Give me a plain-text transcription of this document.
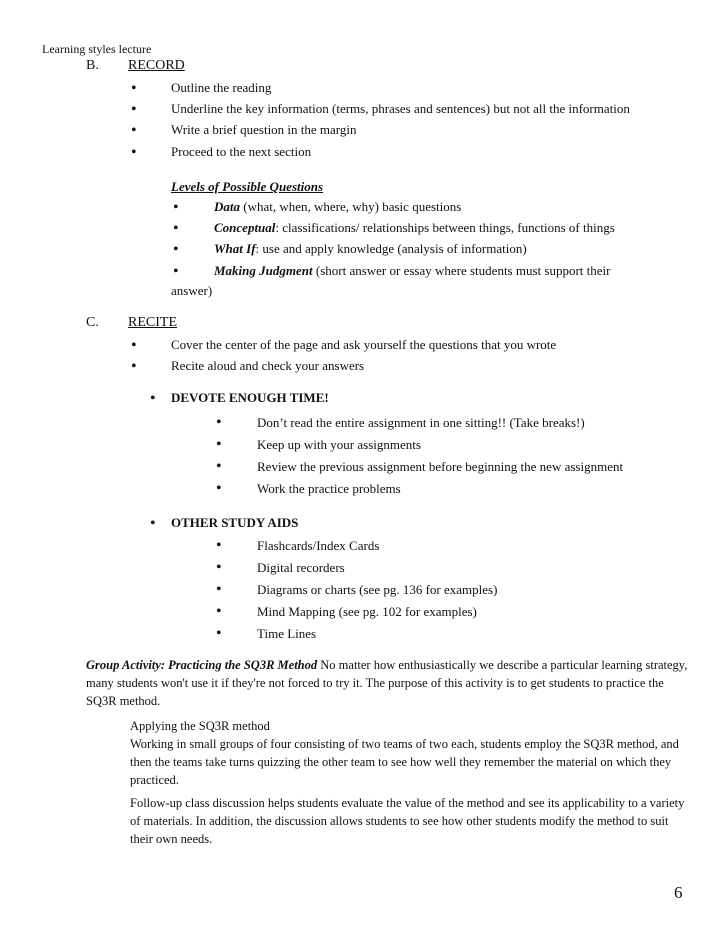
Learning styles lecture
B. RECORD
•	Outline the reading
•	Underline the key information (terms, phrases and sentences) but not all the information
•	Write a brief question in the margin
•	Proceed to the next section
Levels of Possible Questions
•	Data (what, when, where, why) basic questions
•	Conceptual: classifications/ relationships between things, functions of things
•	What If: use and apply knowledge (analysis of information)
•	Making Judgment (short answer or essay where students must support their
answer)
C. RECITE
•	Cover the center of the page and ask yourself the questions that you wrote
•	Recite aloud and check your answers
• DEVOTE ENOUGH TIME!
•	Don’t read the entire assignment in one sitting!! (Take breaks!)
•	Keep up with your assignments
•	Review the previous assignment before beginning the new assignment
•	Work the practice problems
• OTHER STUDY AIDS
•	Flashcards/Index Cards
•	Digital recorders
•	Diagrams or charts (see pg. 136 for examples)
•	Mind Mapping (see pg. 102 for examples)
•	Time Lines
Group Activity: Practicing the SQ3R Method No matter how enthusiastically we describe a particular learning strategy, many students won't use it if they're not forced to try it. The purpose of this activity is to get students to practice the SQ3R method.
Applying the SQ3R method
Working in small groups of four consisting of two teams of two each, students employ the SQ3R method, and then the teams take turns quizzing the other team to see how well they remember the material on which they practiced.
Follow-up class discussion helps students evaluate the value of the method and see its applicability to a variety of materials. In addition, the discussion allows students to see how other students modify the method to suit their own needs.
6
